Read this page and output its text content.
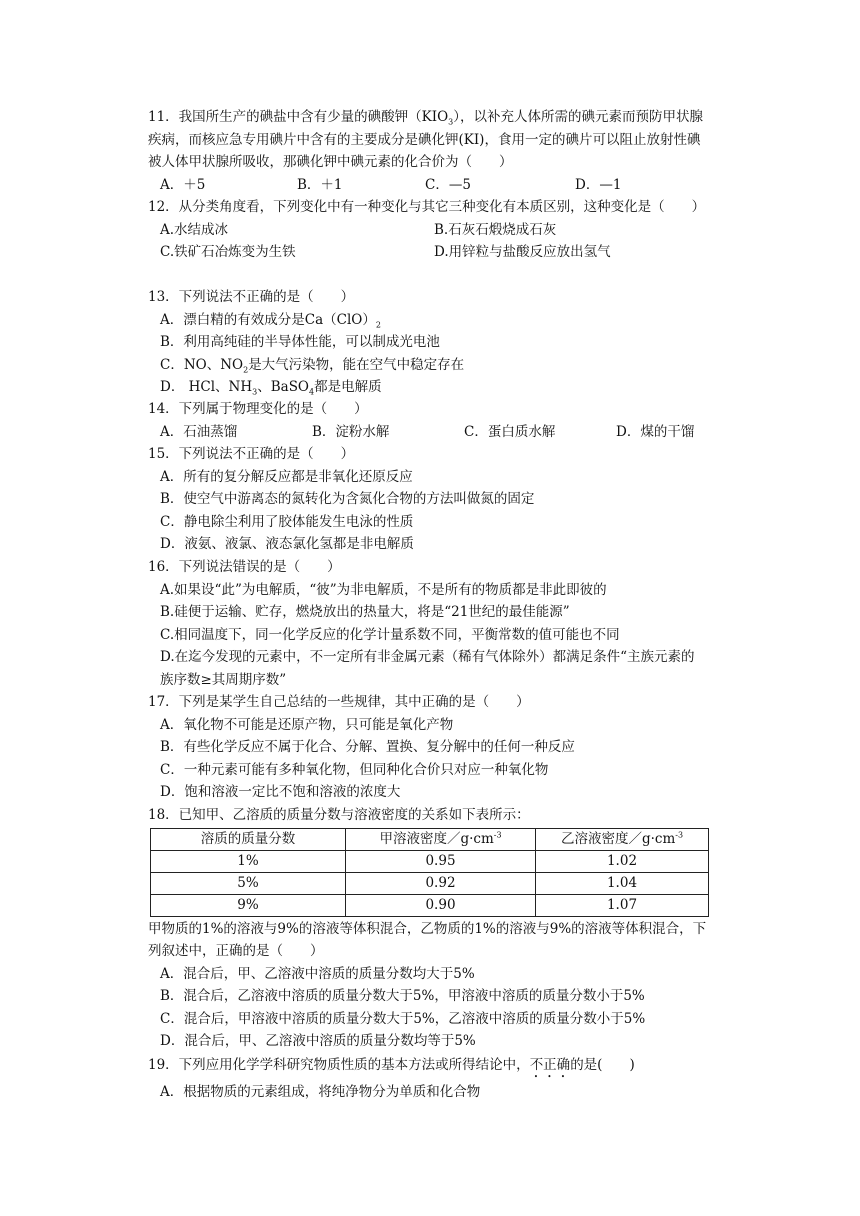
11．我国所生产的碘盐中含有少量的碘酸钾$(KIO_3)$，以补充人体所需的碘元素而预防甲状腺疾病，而核应急专用碘片中含有的主要成分是碘化钾(KI)，食用一定的碘片可以阻止放射性碘被人体甲状腺所吸收，那碘化钾中碘元素的化合价为（　　）
A．＋5	B．＋1	C．—5	D．—1
12．从分类角度看，下列变化中有一种变化与其它三种变化有本质区别，这种变化是（　　）
A.水结成冰	B.石灰石煅烧成石灰
C.铁矿石冶炼变为生铁	D.用锌粒与盐酸反应放出氢气
13．下列说法不正确的是（　　）
A．漂白精的有效成分是$Ca(ClO)_2$
B．利用高纯硅的半导体性能，可以制成光电池
C．NO、$NO_2$是大气污染物，能在空气中稳定存在
D． HCl、$NH_3$、BaSO$_4$都是电解质
14．下列属于物理变化的是（　　）
A．石油蒸馏	B．淀粉水解	C．蛋白质水解	D．煤的干馏
15．下列说法不正确的是（　　）
A．所有的复分解反应都是非氧化还原反应
B．使空气中游离态的氮转化为含氮化合物的方法叫做氮的固定
C．静电除尘利用了胶体能发生电泳的性质
D．液氨、液氯、液态氯化氢都是非电解质
16．下列说法错误的是（　　）
A.如果设“此”为电解质，“彼”为非电解质，不是所有的物质都是非此即彼的
B.硅便于运输、贮存，燃烧放出的热量大，将是“21世纪的最佳能源”
C.相同温度下，同一化学反应的化学计量系数不同，平衡常数的值可能也不同
D.在迄今发现的元素中，不一定所有非金属元素（稀有气体除外）都满足条件“主族元素的族序数≥其周期序数”
17．下列是某学生自己总结的一些规律，其中正确的是（　　）
A．氧化物不可能是还原产物，只可能是氧化产物
B．有些化学反应不属于化合、分解、置换、复分解中的任何一种反应
C．一种元素可能有多种氧化物，但同种化合价只对应一种氧化物
D．饱和溶液一定比不饱和溶液的浓度大
18．已知甲、乙溶质的质量分数与溶液密度的关系如下表所示：
溶质的质量分数	甲溶液密度$/g\cdot cm^{-3}$	乙溶液密度$/g\cdot cm^{-3}$
1%	0.95	1.02
5%	0.92	1.04
9%	0.90	1.07
甲物质的1%的溶液与9%的溶液等体积混合，乙物质的1%的溶液与9%的溶液等体积混合，下列叙述中，正确的是（　　）
A．混合后，甲、乙溶液中溶质的质量分数均大于5%
B．混合后，乙溶液中溶质的质量分数大于5%，甲溶液中溶质的质量分数小于5%
C．混合后，甲溶液中溶质的质量分数大于5%，乙溶液中溶质的质量分数小于5%
D．混合后，甲、乙溶液中溶质的质量分数均等于5%
19．下列应用化学学科研究物质性质的基本方法或所得结论中，不正确的是(　　)
A．根据物质的元素组成，将纯净物分为单质和化合物
